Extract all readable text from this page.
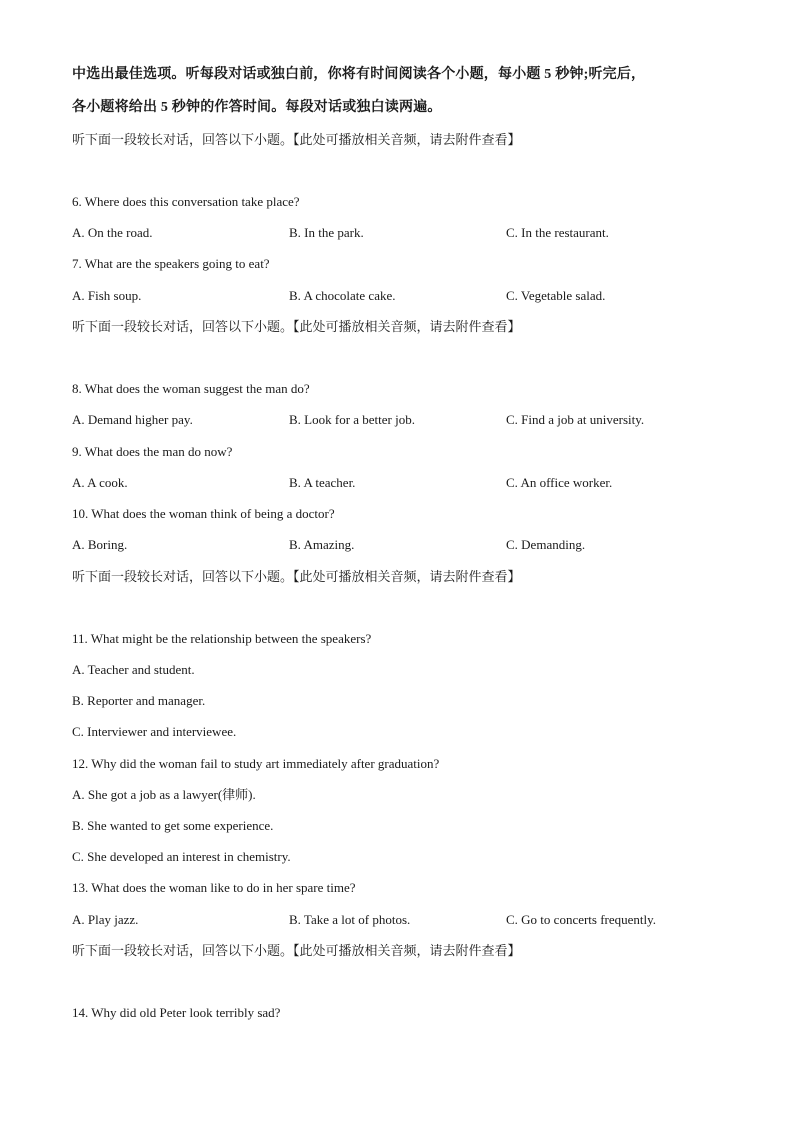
中选出最佳选项。听每段对话或独白前，你将有时间阅读各个小题，每小题 5 秒钟;听完后，
各小题将给出 5 秒钟的作答时间。每段对话或独白读两遍。
听下面一段较长对话，回答以下小题。【此处可播放相关音频，请去附件查看】
6. Where does this conversation take place?
A. On the road.	B. In the park.	C. In the restaurant.
7. What are the speakers going to eat?
A. Fish soup.	B. A chocolate cake.	C. Vegetable salad.
听下面一段较长对话，回答以下小题。【此处可播放相关音频，请去附件查看】
8. What does the woman suggest the man do?
A. Demand higher pay.	B. Look for a better job.	C. Find a job at university.
9. What does the man do now?
A. A cook.	B. A teacher.	C. An office worker.
10. What does the woman think of being a doctor?
A. Boring.	B. Amazing.	C. Demanding.
听下面一段较长对话，回答以下小题。【此处可播放相关音频，请去附件查看】
11. What might be the relationship between the speakers?
A. Teacher and student.
B. Reporter and manager.
C. Interviewer and interviewee.
12. Why did the woman fail to study art immediately after graduation?
A. She got a job as a lawyer(律师).
B. She wanted to get some experience.
C. She developed an interest in chemistry.
13. What does the woman like to do in her spare time?
A. Play jazz.	B. Take a lot of photos.	C. Go to concerts frequently.
听下面一段较长对话，回答以下小题。【此处可播放相关音频，请去附件查看】
14. Why did old Peter look terribly sad?
